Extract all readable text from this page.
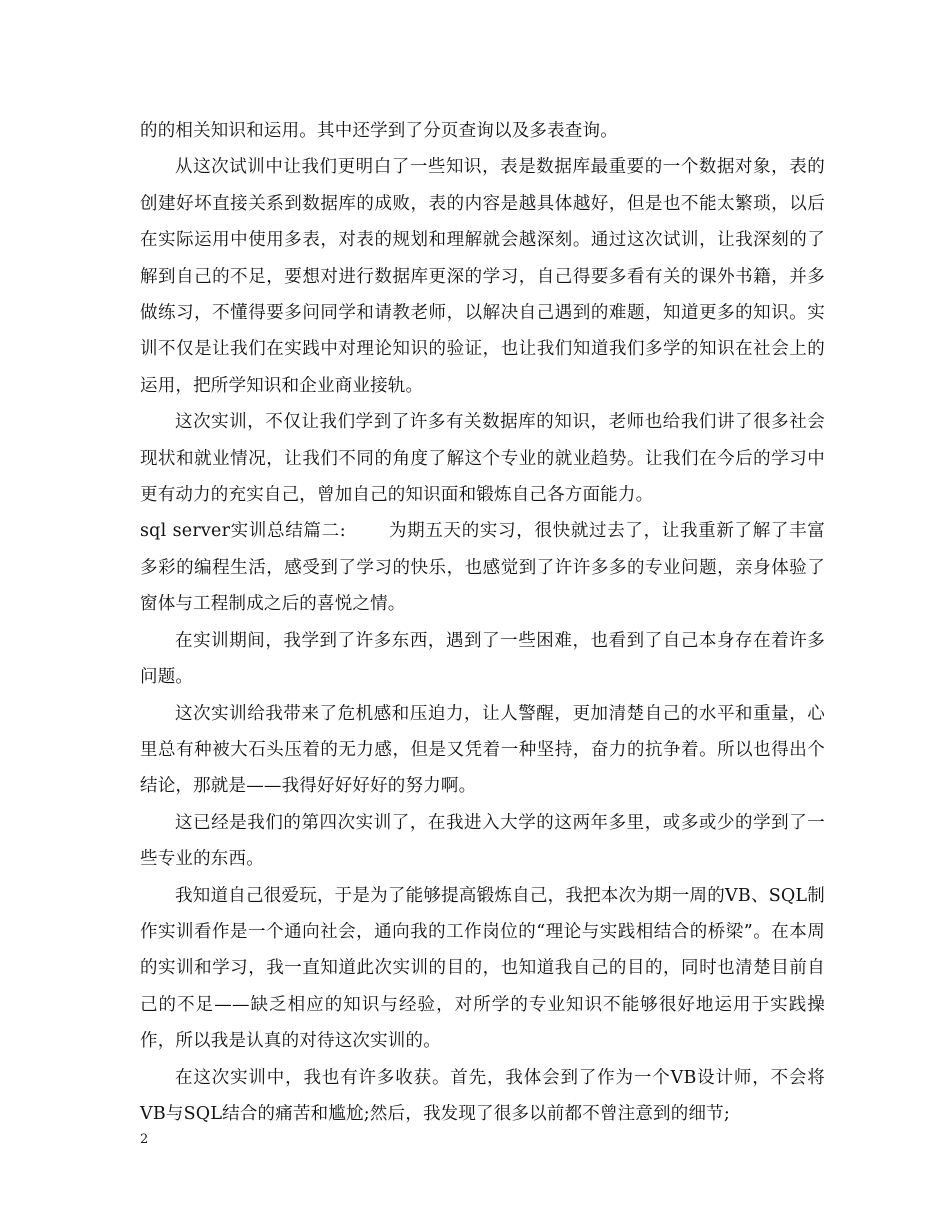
的的相关知识和运用。其中还学到了分页查询以及多表查询。

从这次试训中让我们更明白了一些知识，表是数据库最重要的一个数据对象，表的创建好坏直接关系到数据库的成败，表的内容是越具体越好，但是也不能太繁琐，以后在实际运用中使用多表，对表的规划和理解就会越深刻。通过这次试训，让我深刻的了解到自己的不足，要想对进行数据库更深的学习，自己得要多看有关的课外书籍，并多做练习，不懂得要多问同学和请教老师，以解决自己遇到的难题，知道更多的知识。实训不仅是让我们在实践中对理论知识的验证，也让我们知道我们多学的知识在社会上的运用，把所学知识和企业商业接轨。

这次实训，不仅让我们学到了许多有关数据库的知识，老师也给我们讲了很多社会现状和就业情况，让我们不同的角度了解这个专业的就业趋势。让我们在今后的学习中更有动力的充实自己，曾加自己的知识面和锻炼自己各方面能力。

sql server实训总结篇二:　　 为期五天的实习，很快就过去了，让我重新了解了丰富多彩的编程生活，感受到了学习的快乐，也感觉到了许许多多的专业问题，亲身体验了窗体与工程制成之后的喜悦之情。

在实训期间，我学到了许多东西，遇到了一些困难，也看到了自己本身存在着许多问题。

这次实训给我带来了危机感和压迫力，让人警醒，更加清楚自己的水平和重量，心里总有种被大石头压着的无力感，但是又凭着一种坚持，奋力的抗争着。所以也得出个结论，那就是——我得好好好好的努力啊。

这已经是我们的第四次实训了，在我进入大学的这两年多里，或多或少的学到了一些专业的东西。

我知道自己很爱玩，于是为了能够提高锻炼自己，我把本次为期一周的VB、SQL制作实训看作是一个通向社会，通向我的工作岗位的“理论与实践相结合的桥梁”。在本周的实训和学习，我一直知道此次实训的目的，也知道我自己的目的，同时也清楚目前自己的不足——缺乏相应的知识与经验，对所学的专业知识不能够很好地运用于实践操作，所以我是认真的对待这次实训的。

在这次实训中，我也有许多收获。首先，我体会到了作为一个VB设计师，不会将VB与SQL结合的痛苦和尴尬;然后，我发现了很多以前都不曾注意到的细节;

2
